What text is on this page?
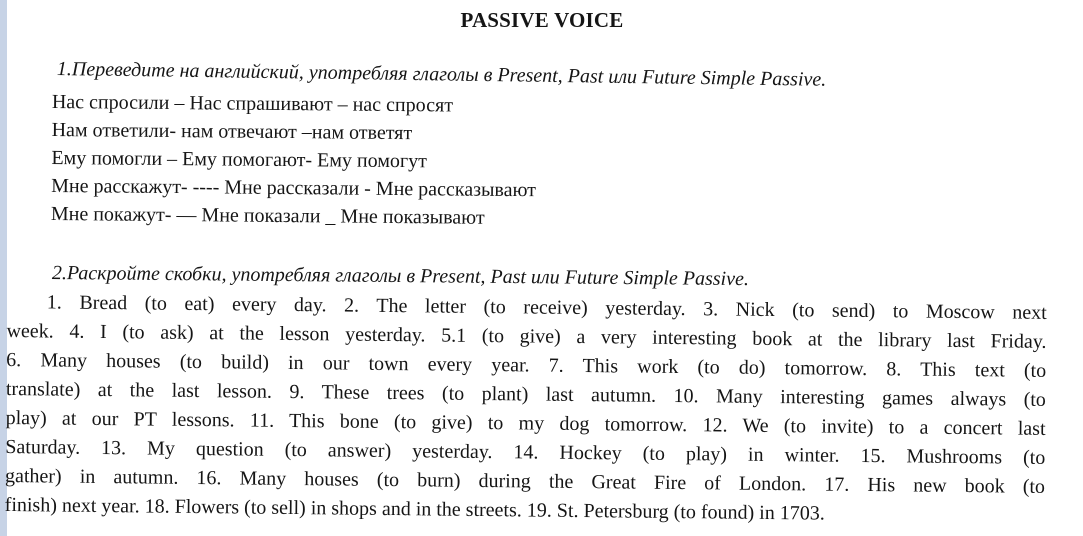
PASSIVE VOICE
1.Переведите на английский, употребляя глаголы в Present, Past или Future Simple Passive.
Нас спросили – Нас спрашивают – нас спросят
Нам ответили- нам отвечают –нам ответят
Ему помогли – Ему помогают- Ему помогут
Мне расскажут- ---- Мне рассказали - Мне рассказывают
Мне покажут- — Мне показали _ Мне показывают
2.Раскройте скобки, употребляя глаголы в Present, Past или Future Simple Passive.
1. Bread (to eat) every day. 2. The letter (to receive) yesterday. 3. Nick (to send) to Moscow next
week. 4. I (to ask) at the lesson yesterday. 5.1 (to give) a very interesting book at the library last Friday.
6. Many houses (to build) in our town every year. 7. This work (to do) tomorrow. 8. This text (to
translate) at the last lesson. 9. These trees (to plant) last autumn. 10. Many interesting games always (to
play) at our PT lessons. 11. This bone (to give) to my dog tomorrow. 12. We (to invite) to a concert last
Saturday. 13. My question (to answer) yesterday. 14. Hockey (to play) in winter. 15. Mushrooms (to
gather) in autumn. 16. Many houses (to burn) during the Great Fire of London. 17. His new book (to
finish) next year. 18. Flowers (to sell) in shops and in the streets. 19. St. Petersburg (to found) in 1703.
